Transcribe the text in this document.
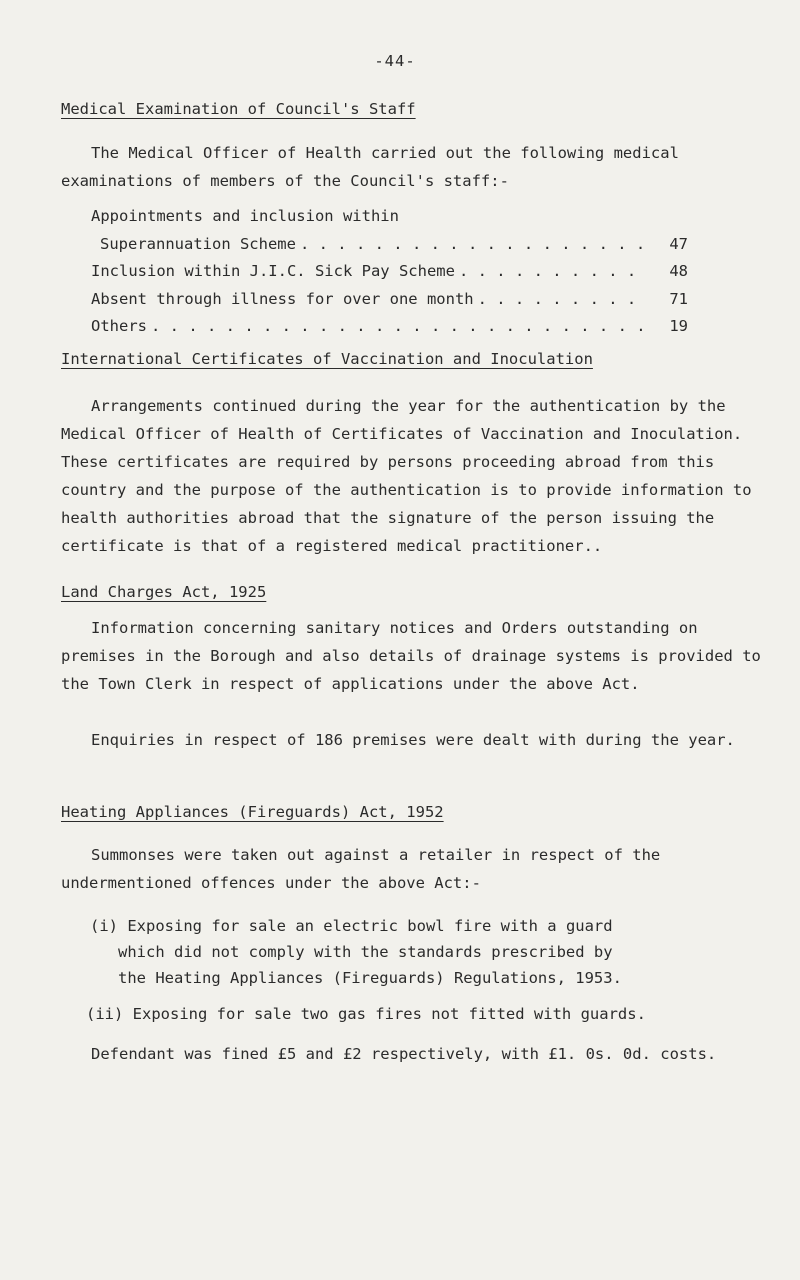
-44-
Medical Examination of Council's Staff
The Medical Officer of Health carried out the following medical examinations of members of the Council's staff:-
Appointments and inclusion within
Superannuation Scheme . . .	47
Inclusion within J.I.C. Sick Pay Scheme . . .	48
Absent through illness for over one month . . .	71
Others . . .	19
International Certificates of Vaccination and Inoculation
Arrangements continued during the year for the authentication by the Medical Officer of Health of Certificates of Vaccination and Inoculation. These certificates are required by persons proceeding abroad from this country and the purpose of the authentication is to provide information to health authorities abroad that the signature of the person issuing the certificate is that of a registered medical practitioner..
Land Charges Act, 1925
Information concerning sanitary notices and Orders outstanding on premises in the Borough and also details of drainage systems is provided to the Town Clerk in respect of applications under the above Act.
Enquiries in respect of 186 premises were dealt with during the year.
Heating Appliances (Fireguards) Act, 1952
Summonses were taken out against a retailer in respect of the undermentioned offences under the above Act:-
(i) Exposing for sale an electric bowl fire with a guard
which did not comply with the standards prescribed by
the Heating Appliances (Fireguards) Regulations, 1953.
(ii) Exposing for sale two gas fires not fitted with guards.
Defendant was fined £5 and £2 respectively, with £1. 0s. 0d. costs.
